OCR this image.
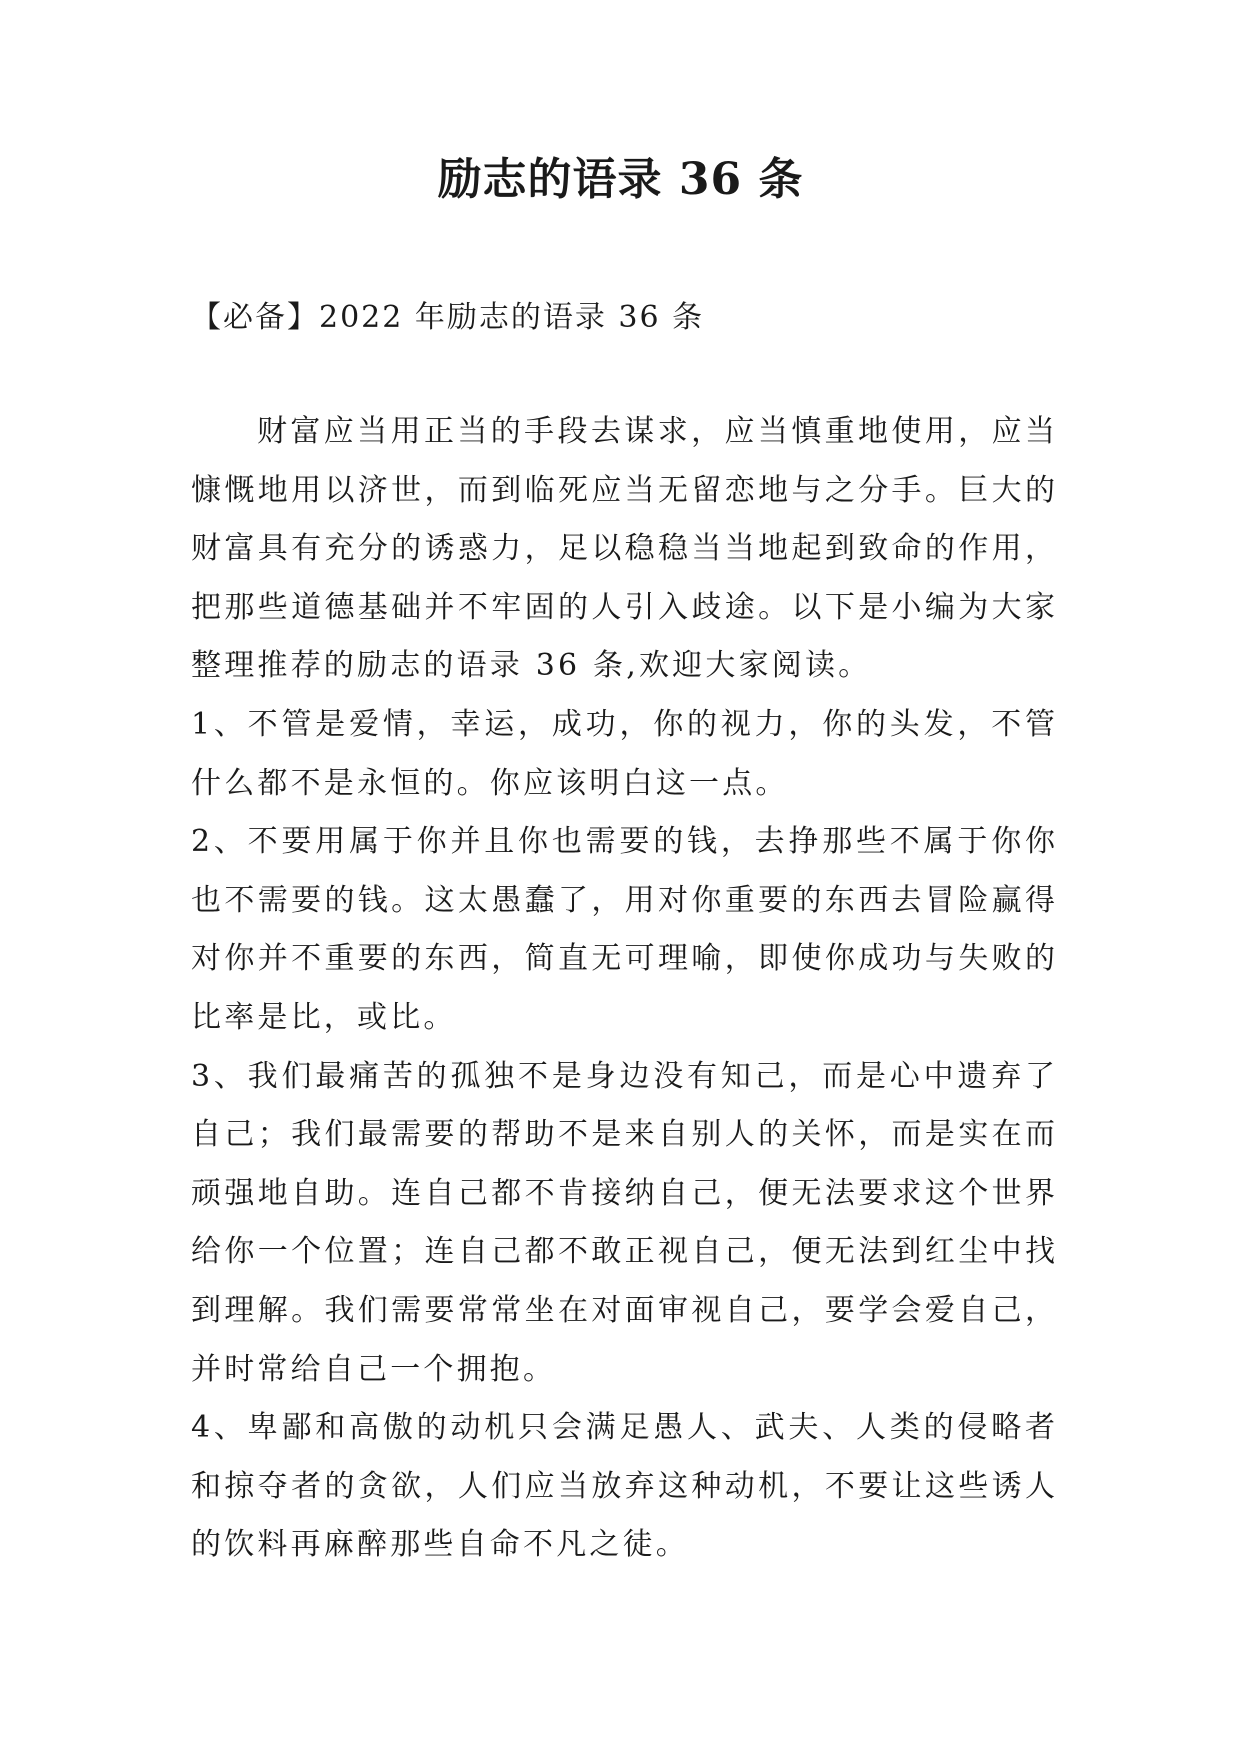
励志的语录 36 条
【必备】2022 年励志的语录 36 条
财富应当用正当的手段去谋求，应当慎重地使用，应当
慷慨地用以济世，而到临死应当无留恋地与之分手。巨大的
财富具有充分的诱惑力，足以稳稳当当地起到致命的作用，
把那些道德基础并不牢固的人引入歧途。以下是小编为大家
整理推荐的励志的语录 36 条,欢迎大家阅读。
1、不管是爱情，幸运，成功，你的视力，你的头发，不管
什么都不是永恒的。你应该明白这一点。
2、不要用属于你并且你也需要的钱，去挣那些不属于你你
也不需要的钱。这太愚蠢了，用对你重要的东西去冒险赢得
对你并不重要的东西，简直无可理喻，即使你成功与失败的
比率是比，或比。
3、我们最痛苦的孤独不是身边没有知己，而是心中遗弃了
自己；我们最需要的帮助不是来自别人的关怀，而是实在而
顽强地自助。连自己都不肯接纳自己，便无法要求这个世界
给你一个位置；连自己都不敢正视自己，便无法到红尘中找
到理解。我们需要常常坐在对面审视自己，要学会爱自己，
并时常给自己一个拥抱。
4、卑鄙和高傲的动机只会满足愚人、武夫、人类的侵略者
和掠夺者的贪欲，人们应当放弃这种动机，不要让这些诱人
的饮料再麻醉那些自命不凡之徒。
